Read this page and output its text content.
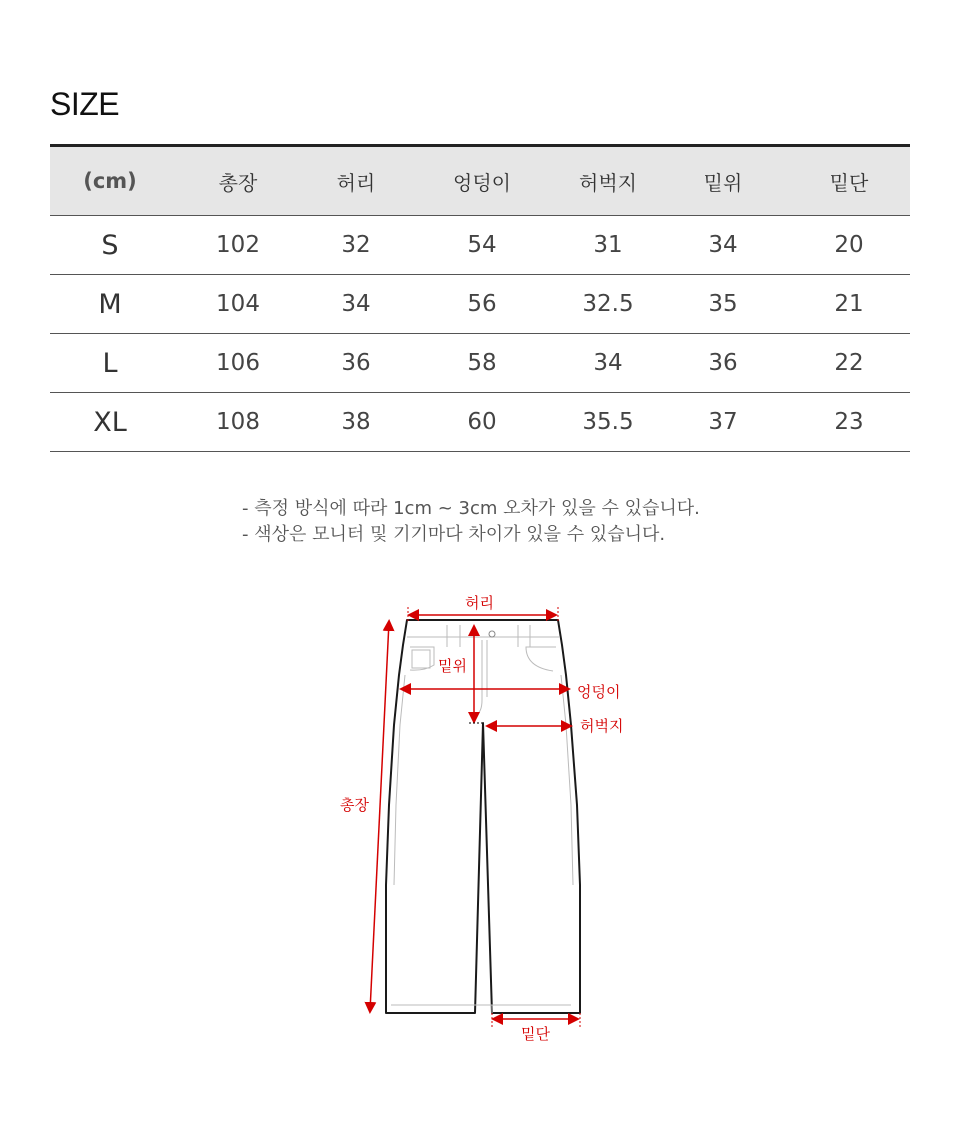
SIZE
(cm)	총장	허리	엉덩이	허벅지	밑위	밑단
S	102	32	54	31	34	20
M	104	34	56	32.5	35	21
L	106	36	58	34	36	22
XL	108	38	60	35.5	37	23
- 측정 방식에 따라 1cm ~ 3cm 오차가 있을 수 있습니다.
- 색상은 모니터 및 기기마다 차이가 있을 수 있습니다.
허리
밑위
엉덩이
허벅지
총장
밑단
